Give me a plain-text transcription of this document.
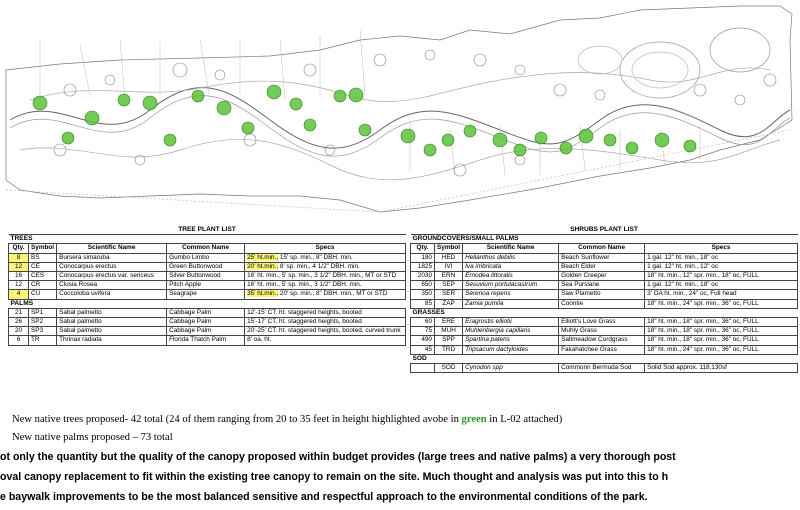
TREE PLANT LIST				
TREES				
Qty.	Symbol	Scientific Name	Common Name	Specs
8	BS	Bursera simaruba	Gumbo Limbo	25' ht.min., 15' sp. min., 8" DBH. min.
12	CE	Conocarpus erectus	Green Buttonwood	20' ht.min., 8' sp. min., 4 1/2" DBH. min.
16	CES	Conocarpus erectus var. sericeus	Silver Buttonwood	16' ht. min., 5' sp. min., 3 1/2" DBH. min., MT or STD
12	CR	Clusia Rosea	Pitch Apple	16' ht. min., 5' sp. min., 3 1/2" DBH. min.
4	CU	Coccoloba uvifera	Seagrape	35' ht.min., 20' sp. min., 8" DBH. min., MT or STD
PALMS				
21	SP1	Sabal palmetto	Cabbage Palm	12'-15' CT. ht. staggered heights, booted
26	SP2	Sabal palmetto	Cabbage Palm	15'-17' CT. ht. staggered heights, booted
20	SP3	Sabal palmetto	Cabbage Palm	20'-25' CT. ht. staggered heights, booted, curved trunk
6	TR	Thrinax radiata	Florida Thatch Palm	8' oa. ht.
SHRUBS PLANT LIST				
GROUNDCOVERS/SMALL PALMS				
Qty.	Symbol	Scientific Name	Common Name	Specs
180	HED	Helianthus debilis	Beach Sunflower	1 gal. 12" ht. min., 18" oc
1825	IVI	Iva imbricata	Beach Elder	1 gal. 12" ht. min., 12" oc
2030	ERN	Ernodea littoralis	Golden Creeper	18" ht. min., 12" spr. min., 18" oc, FULL
650	SEP	Sesuvium portulacastrum	Sea Purslane	1 gal. 12" ht. min., 18" oc
350	SER	Serenoa repens	Saw Plametto	3' OA ht. min., 24" oc, Full head
85	ZAP	Zamia pumila	Coontie	18" ht. min., 24" spr. min., 36" oc, FULL
GRASSES				
60	ERE	Eragrostis elliotii	Elliott's Love Grass	18" ht. min., 18" spr. min., 36" oc, FULL
75	MUH	Muhlenbergia capillaris	Muhly Grass	18" ht. min., 18" spr. min., 36" oc, FULL
490	SPP	Spartina patens	Saltmeadow Cordgrass	18" ht. min., 18" spr. min., 36" oc, FULL
45	TRD	Tripsacum dactyloides	Fakahatchee Grass	18" ht. min., 24" spr. min., 36" oc, FULL
SOD				
	SOD	Cynodon spp	Commonn Bermuda Sod	Solid Sod approx. 118,130sf
New native trees proposed- 42 total (24 of them ranging from 20 to 35 feet in height highlighted avobe in green in L-02 attached)
New native palms proposed – 73 total
ot only the quantity but the quality of the canopy proposed within budget provides (large trees and native palms) a very thorough post
oval canopy replacement to fit within the existing tree canopy to remain on the site. Much thought and analysis was put into this to h
e baywalk improvements to be the most balanced sensitive and respectful approach to the environmental conditions of the park.
